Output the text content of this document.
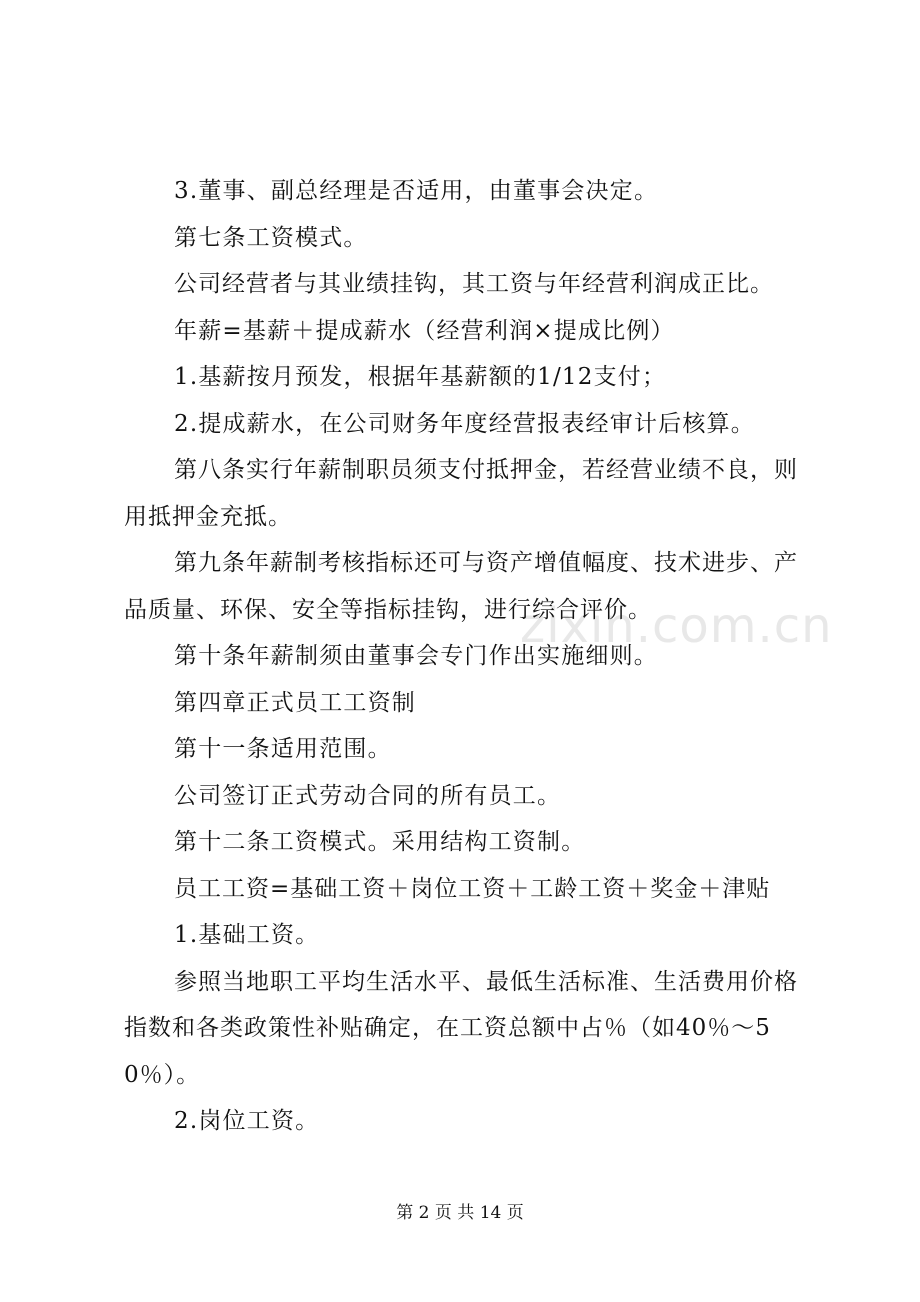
zixin.com.cn

3.董事、副总经理是否适用，由董事会决定。

第七条工资模式。

公司经营者与其业绩挂钩，其工资与年经营利润成正比。

年薪=基薪＋提成薪水（经营利润×提成比例）

1.基薪按月预发，根据年基薪额的1/12支付；

2.提成薪水，在公司财务年度经营报表经审计后核算。

第八条实行年薪制职员须支付抵押金，若经营业绩不良，则用抵押金充抵。

第九条年薪制考核指标还可与资产增值幅度、技术进步、产品质量、环保、安全等指标挂钩，进行综合评价。

第十条年薪制须由董事会专门作出实施细则。

第四章正式员工工资制

第十一条适用范围。

公司签订正式劳动合同的所有员工。

第十二条工资模式。采用结构工资制。

员工工资=基础工资＋岗位工资＋工龄工资＋奖金＋津贴

1.基础工资。

参照当地职工平均生活水平、最低生活标准、生活费用价格指数和各类政策性补贴确定，在工资总额中占％（如40％～50％）。

2.岗位工资。

第 2 页 共 14 页
